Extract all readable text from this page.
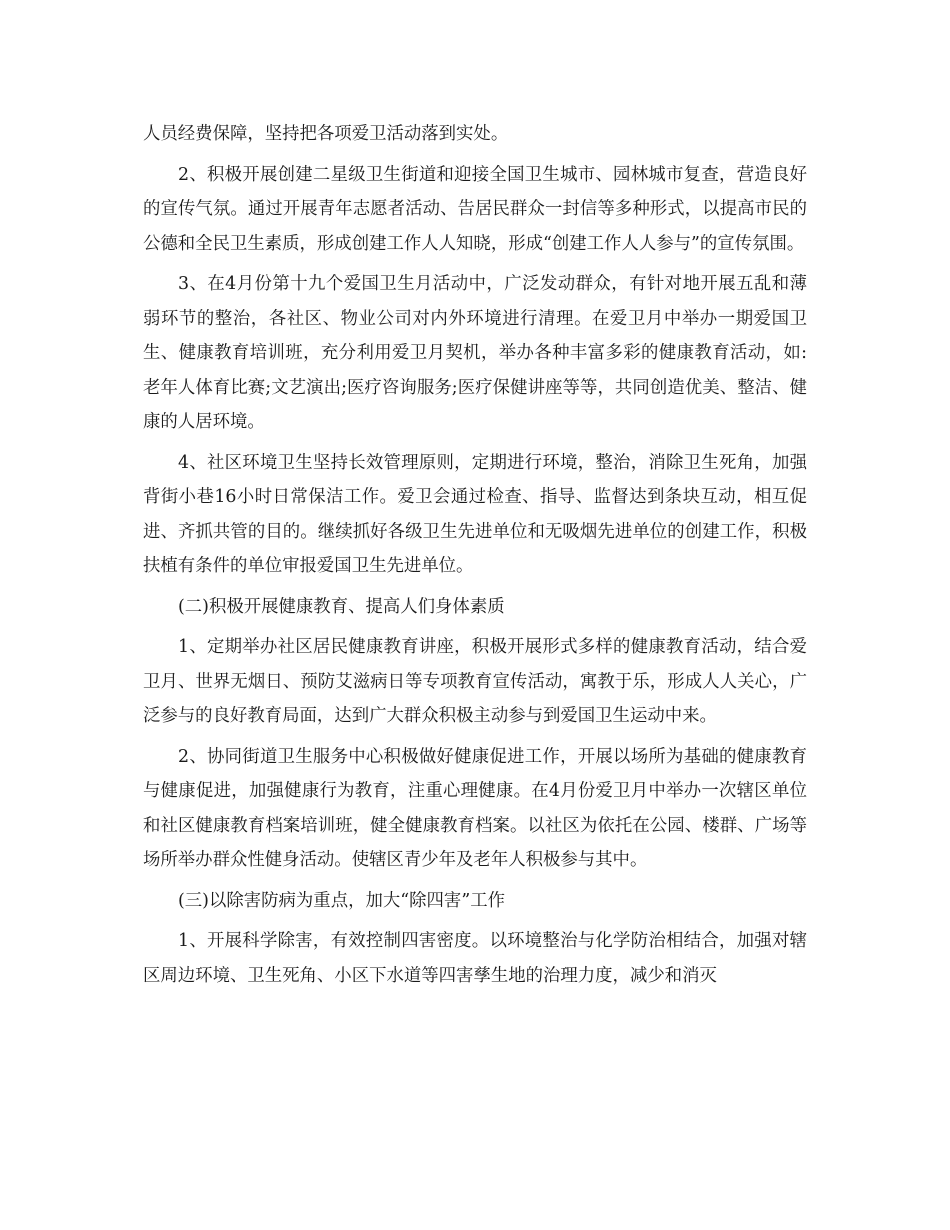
人员经费保障，坚持把各项爱卫活动落到实处。

2、积极开展创建二星级卫生街道和迎接全国卫生城市、园林城市复查，营造良好的宣传气氛。通过开展青年志愿者活动、告居民群众一封信等多种形式，以提高市民的公德和全民卫生素质，形成创建工作人人知晓，形成“创建工作人人参与”的宣传氛围。

3、在4月份第十九个爱国卫生月活动中，广泛发动群众，有针对地开展五乱和薄弱环节的整治，各社区、物业公司对内外环境进行清理。在爱卫月中举办一期爱国卫生、健康教育培训班，充分利用爱卫月契机，举办各种丰富多彩的健康教育活动，如:老年人体育比赛;文艺演出;医疗咨询服务;医疗保健讲座等等，共同创造优美、整洁、健康的人居环境。

4、社区环境卫生坚持长效管理原则，定期进行环境，整治，消除卫生死角，加强背街小巷16小时日常保洁工作。爱卫会通过检查、指导、监督达到条块互动，相互促进、齐抓共管的目的。继续抓好各级卫生先进单位和无吸烟先进单位的创建工作，积极扶植有条件的单位审报爱国卫生先进单位。

(二)积极开展健康教育、提高人们身体素质

1、定期举办社区居民健康教育讲座，积极开展形式多样的健康教育活动，结合爱卫月、世界无烟日、预防艾滋病日等专项教育宣传活动，寓教于乐，形成人人关心，广泛参与的良好教育局面，达到广大群众积极主动参与到爱国卫生运动中来。

2、协同街道卫生服务中心积极做好健康促进工作，开展以场所为基础的健康教育与健康促进，加强健康行为教育，注重心理健康。在4月份爱卫月中举办一次辖区单位和社区健康教育档案培训班，健全健康教育档案。以社区为依托在公园、楼群、广场等场所举办群众性健身活动。使辖区青少年及老年人积极参与其中。

(三)以除害防病为重点，加大“除四害”工作

1、开展科学除害，有效控制四害密度。以环境整治与化学防治相结合，加强对辖区周边环境、卫生死角、小区下水道等四害孳生地的治理力度，减少和消灭
